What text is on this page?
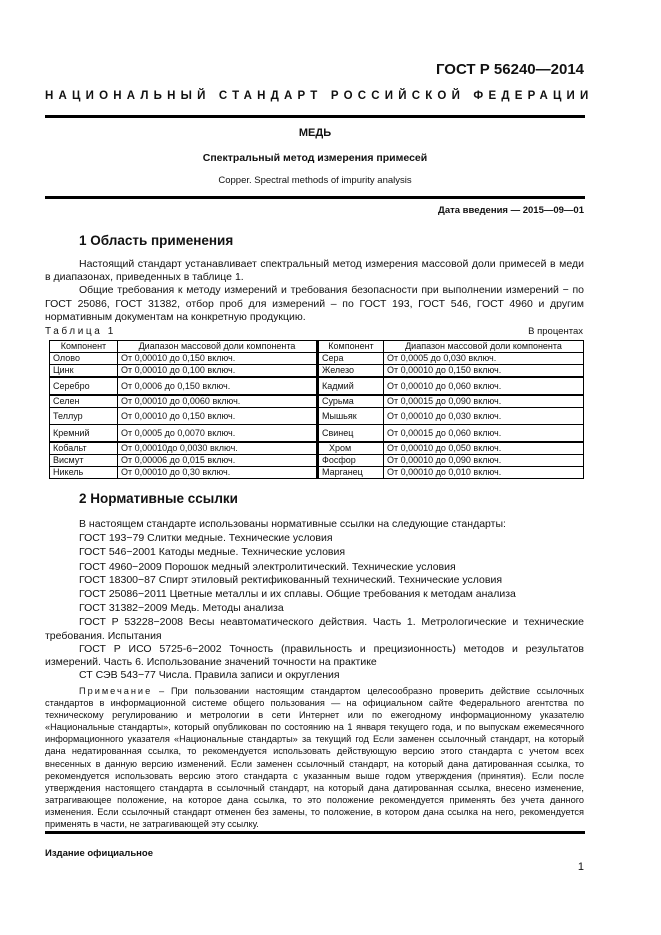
ГОСТ Р 56240—2014
НАЦИОНАЛЬНЫЙ СТАНДАРТ РОССИЙСКОЙ ФЕДЕРАЦИИ
МЕДЬ
Спектральный метод измерения примесей
Copper. Spectral methods of impurity analysis
Дата введения — 2015—09—01
1 Область применения

Настоящий стандарт устанавливает спектральный метод измерения массовой доли примесей в меди в диапазонах, приведенных в таблице 1.

Общие требования к методу измерений и требования безопасности при выполнении измерений − по ГОСТ 25086, ГОСТ 31382, отбор проб для измерений – по ГОСТ 193, ГОСТ 546, ГОСТ 4960 и другим нормативным документам на конкретную продукцию.

Таблица 1	В процентах
Компонент	Диапазон массовой доли компонента	Компонент	Диапазон массовой доли компонента
Олово	От 0,00010 до 0,150 включ.	Сера	От 0,0005 до 0,030 включ.
Цинк	От 0,00010 до 0,100 включ.	Железо	От 0,00010 до 0,150 включ.
Серебро	От 0,0006 до 0,150 включ.	Кадмий	От 0,00010 до 0,060 включ.
Селен	От 0,00010 до 0,0060 включ.	Сурьма	От 0,00015 до 0,090 включ.
Теллур	От 0,00010 до 0,150 включ.	Мышьяк	От 0,00010 до 0,030 включ.
Кремний	От 0,0005 до 0,0070 включ.	Свинец	От 0,00015 до 0,060 включ.
Кобальт	От 0,00010до 0,0030 включ.	Хром	От 0,00010 до 0,050 включ.
Висмут	От 0,00006 до 0,015 включ.	Фосфор	От 0,00010 до 0,090 включ.
Никель	От 0,00010 до 0,30 включ.	Марганец	От 0,00010 до 0,010 включ.
2 Нормативные ссылки

В настоящем стандарте использованы нормативные ссылки на следующие стандарты:

ГОСТ 193−79 Слитки медные. Технические условия

ГОСТ 546−2001 Катоды медные. Технические условия

ГОСТ 4960−2009 Порошок медный электролитический. Технические условия

ГОСТ 18300−87 Спирт этиловый ректификованный технический. Технические условия

ГОСТ 25086−2011 Цветные металлы и их сплавы. Общие требования к методам анализа

ГОСТ 31382−2009 Медь. Методы анализа

ГОСТ Р 53228−2008 Весы неавтоматического действия. Часть 1. Метрологические и технические требования. Испытания

ГОСТ Р ИСО 5725-6−2002 Точность (правильность и прецизионность) методов и результатов измерений. Часть 6. Использование значений точности на практике

СТ СЭВ 543−77 Числа. Правила записи и округления

Примечание – При пользовании настоящим стандартом целесообразно проверить действие ссылочных стандартов в информационной системе общего пользования — на официальном сайте Федерального агентства по техническому регулированию и метрологии в сети Интернет или по ежегодному информационному указателю «Национальные стандарты», который опубликован по состоянию на 1 января текущего года, и по выпускам ежемесячного информационного указателя «Национальные стандарты» за текущий год Если заменен ссылочный стандарт, на который дана недатированная ссылка, то рекомендуется использовать действующую версию этого стандарта с учетом всех внесенных в данную версию изменений. Если заменен ссылочный стандарт, на который дана датированная ссылка, то рекомендуется использовать версию этого стандарта с указанным выше годом утверждения (принятия). Если после утверждения настоящего стандарта в ссылочный стандарт, на который дана датированная ссылка, внесено изменение, затрагивающее положение, на которое дана ссылка, то это положение рекомендуется применять без учета данного изменения. Если ссылочный стандарт отменен без замены, то положение, в котором дана ссылка на него, рекомендуется применять в части, не затрагивающей эту ссылку.

Издание официальное
1
